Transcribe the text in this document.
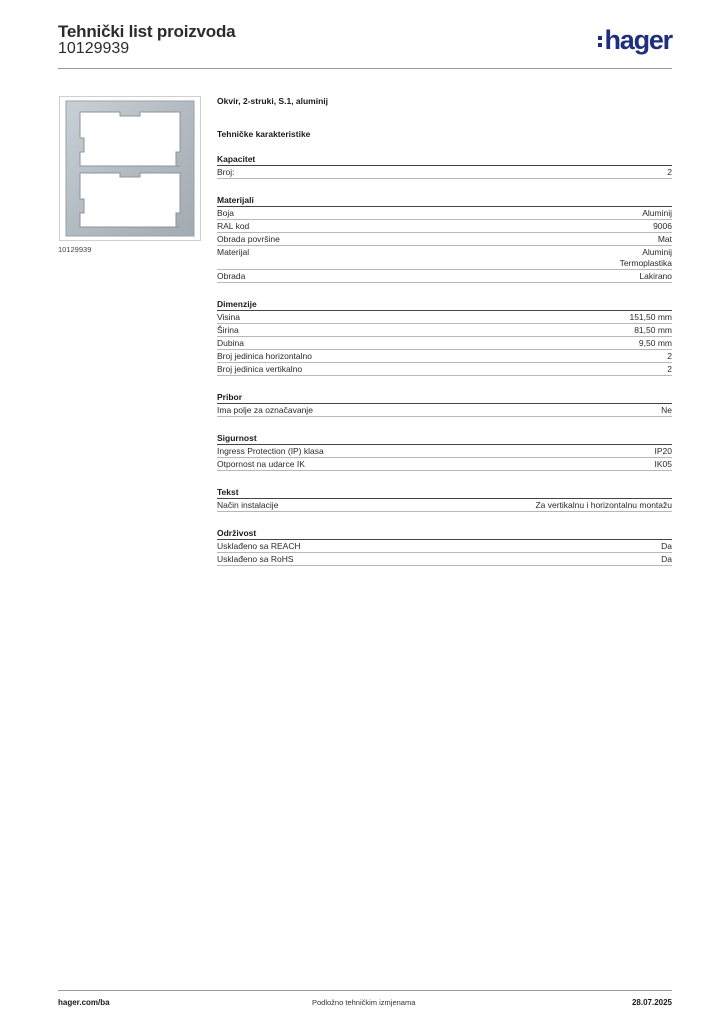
Tehnički list proizvoda
10129939	hager
10129939
Okvir, 2-struki, S.1, aluminij
Tehničke karakteristike
Kapacitet
Broj:	2
Materijali
Boja	Aluminij
RAL kod	9006
Obrada površine	Mat
Materijal	Aluminij
Termoplastika
Obrada	Lakirano
Dimenzije
Visina	151,50 mm
Širina	81,50 mm
Dubina	9,50 mm
Broj jedinica horizontalno	2
Broj jedinica vertikalno	2
Pribor
Ima polje za označavanje	Ne
Sigurnost
Ingress Protection (IP) klasa	IP20
Otpornost na udarce IK	IK05
Tekst
Način instalacije	Za vertikalnu i horizontalnu montažu
Održivost
Usklađeno sa REACH	Da
Usklađeno sa RoHS	Da
hager.com/ba	Podložno tehničkim izmjenama	28.07.2025
